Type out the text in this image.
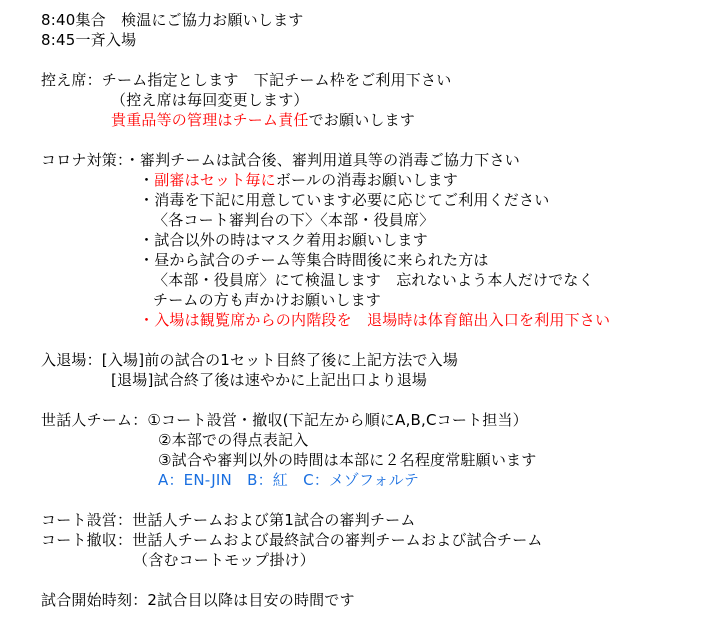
8:40集合　検温にご協力お願いします
8:45一斉入場
控え席：チーム指定とします　下記チーム枠をご利用下さい
（控え席は毎回変更します）
貴重品等の管理はチーム責任でお願いします
コロナ対策：・審判チームは試合後、審判用道具等の消毒ご協力下さい
・副審はセット毎にボールの消毒お願いします
・消毒を下記に用意しています必要に応じてご利用ください
〈各コート審判台の下〉〈本部・役員席〉
・試合以外の時はマスク着用お願いします
・昼から試合のチーム等集合時間後に来られた方は
〈本部・役員席〉にて検温します　忘れないよう本人だけでなく
チームの方も声かけお願いします
・入場は観覧席からの内階段を　退場時は体育館出入口を利用下さい
入退場：[入場]前の試合の1セット目終了後に上記方法で入場
[退場]試合終了後は速やかに上記出口より退場
世話人チーム：①コート設営・撤収(下記左から順にA,B,Cコート担当）
②本部での得点表記入
③試合や審判以外の時間は本部に２名程度常駐願います
A：EN-JIN　B：紅　C：メゾフォルテ
コート設営：世話人チームおよび第1試合の審判チーム
コート撤収：世話人チームおよび最終試合の審判チームおよび試合チーム
（含むコートモップ掛け）
試合開始時刻：2試合目以降は目安の時間です
